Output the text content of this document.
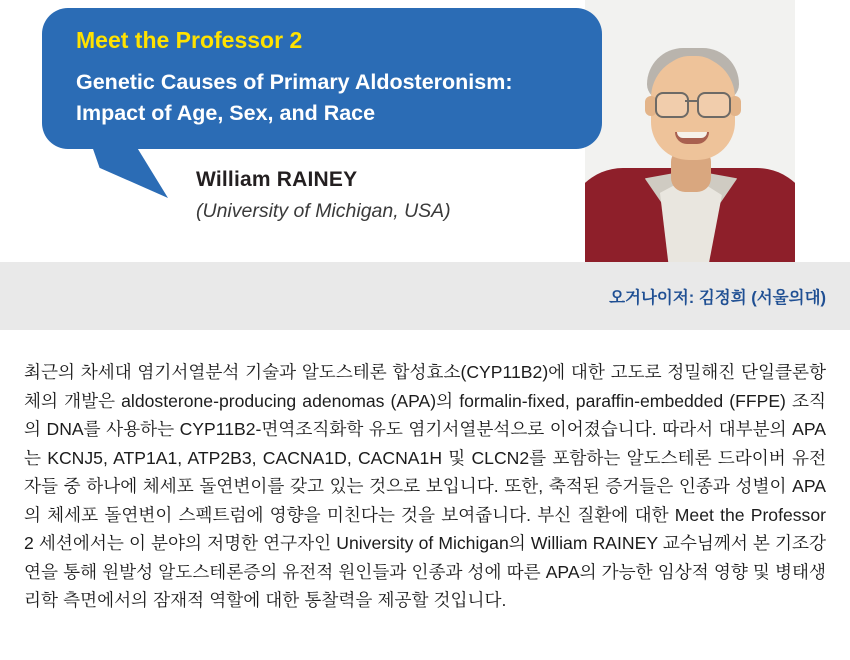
Meet the Professor 2
Genetic Causes of Primary Aldosteronism: Impact of Age, Sex, and Race
William RAINEY
(University of Michigan, USA)
오거나이저: 김정희 (서울의대)

최근의 차세대 염기서열분석 기술과 알도스테론 합성효소(CYP11B2)에 대한 고도로 정밀해진 단일클론항체의 개발은 aldosterone-producing adenomas (APA)의 formalin-fixed, paraffin-embedded (FFPE) 조직의 DNA를 사용하는 CYP11B2-면역조직화학 유도 염기서열분석으로 이어졌습니다. 따라서 대부분의 APA는 KCNJ5, ATP1A1, ATP2B3, CACNA1D, CACNA1H 및 CLCN2를 포함하는 알도스테론 드라이버 유전자들 중 하나에 체세포 돌연변이를 갖고 있는 것으로 보입니다. 또한, 축적된 증거들은 인종과 성별이 APA의 체세포 돌연변이 스펙트럼에 영향을 미친다는 것을 보여줍니다. 부신 질환에 대한 Meet the Professor 2 세션에서는 이 분야의 저명한 연구자인 University of Michigan의 William RAINEY 교수님께서 본 기조강연을 통해 원발성 알도스테론증의 유전적 원인들과 인종과 성에 따른 APA의 가능한 임상적 영향 및 병태생리학 측면에서의 잠재적 역할에 대한 통찰력을 제공할 것입니다.
